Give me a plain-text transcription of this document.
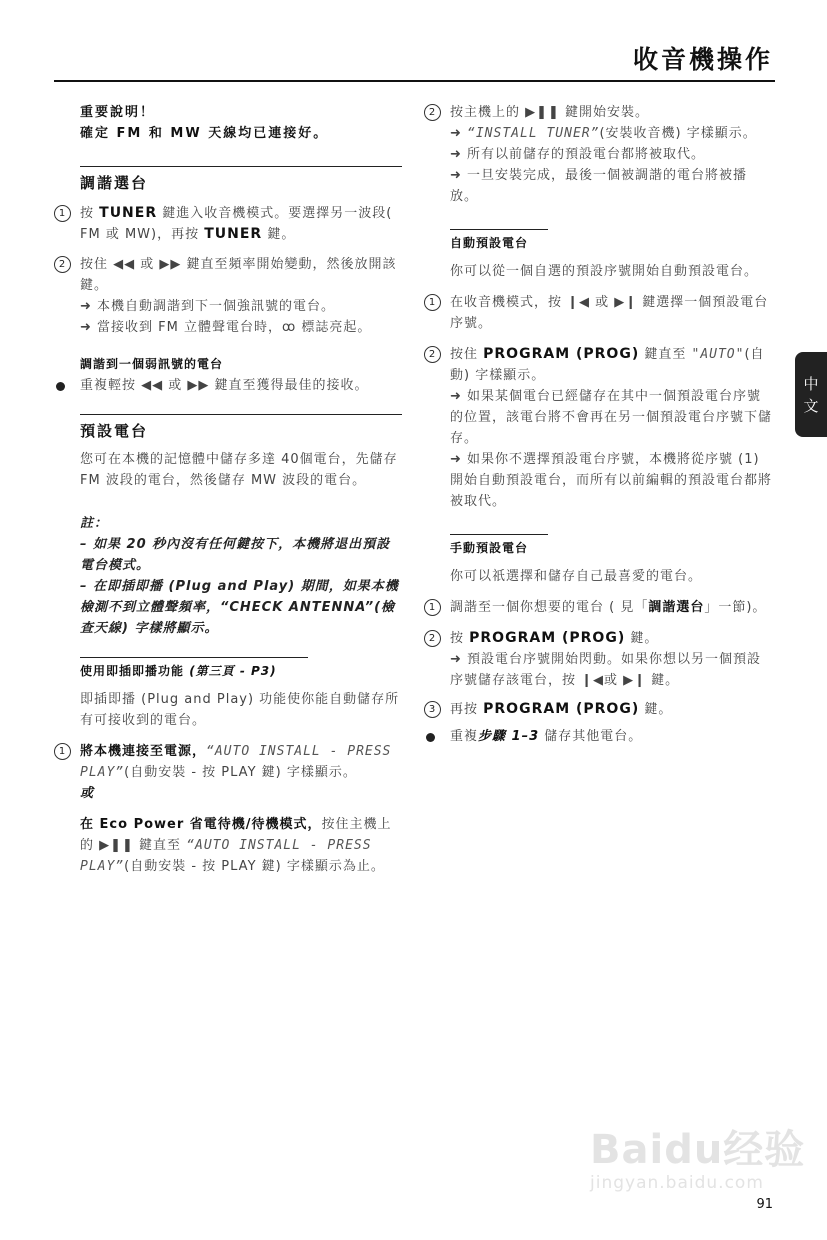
收音機操作
中
文
重要說明！
確定 FM 和 MW 天線均已連接好。
調諧選台
1	按 TUNER 鍵進入收音機模式。要選擇另一波段( FM 或 MW)，再按 TUNER 鍵。
2	按住 ◀◀ 或 ▶▶ 鍵直至頻率開始變動，然後放開該鍵。
➜ 本機自動調諧到下一個強訊號的電台。
➜ 當接收到 FM 立體聲電台時，ꝏ 標誌亮起。
調諧到一個弱訊號的電台
重複輕按 ◀◀ 或 ▶▶ 鍵直至獲得最佳的接收。
預設電台
您可在本機的記憶體中儲存多達 40個電台，先儲存 FM 波段的電台，然後儲存 MW 波段的電台。
註：
– 如果 20 秒內沒有任何鍵按下，本機將退出預設電台模式。
– 在即插即播 (Plug and Play) 期間，如果本機檢測不到立體聲頻率，“CHECK ANTENNA”(檢查天線) 字樣將顯示。
使用即插即播功能 (第三頁 - P3)
即插即播 (Plug and Play) 功能使你能自動儲存所有可接收到的電台。
1	將本機連接至電源，“AUTO INSTALL - PRESS PLAY”(自動安裝 - 按 PLAY 鍵) 字樣顯示。
或
在 Eco Power 省電待機/待機模式，按住主機上的 ▶❚❚ 鍵直至 “AUTO INSTALL - PRESS PLAY”(自動安裝 - 按 PLAY 鍵) 字樣顯示為止。
2	按主機上的 ▶❚❚ 鍵開始安裝。
➜ “INSTALL TUNER”(安裝收音機) 字樣顯示。
➜ 所有以前儲存的預設電台都將被取代。
➜ 一旦安裝完成，最後一個被調諧的電台將被播放。
自動預設電台
你可以從一個自選的預設序號開始自動預設電台。
1	在收音機模式，按 ❙◀ 或 ▶❙ 鍵選擇一個預設電台序號。
2	按住 PROGRAM (PROG) 鍵直至 "AUTO"(自動) 字樣顯示。
➜ 如果某個電台已經儲存在其中一個預設電台序號的位置，該電台將不會再在另一個預設電台序號下儲存。
➜ 如果你不選擇預設電台序號，本機將從序號 (1) 開始自動預設電台，而所有以前編輯的預設電台都將被取代。
手動預設電台
你可以祇選擇和儲存自己最喜愛的電台。
1	調諧至一個你想要的電台 ( 見「調諧選台」一節)。
2	按 PROGRAM (PROG) 鍵。
➜ 預設電台序號開始閃動。如果你想以另一個預設序號儲存該電台，按 ❙◀或 ▶❙ 鍵。
3	再按 PROGRAM (PROG) 鍵。
重複步驟 1–3 儲存其他電台。
Baidu经验
jingyan.baidu.com
91
